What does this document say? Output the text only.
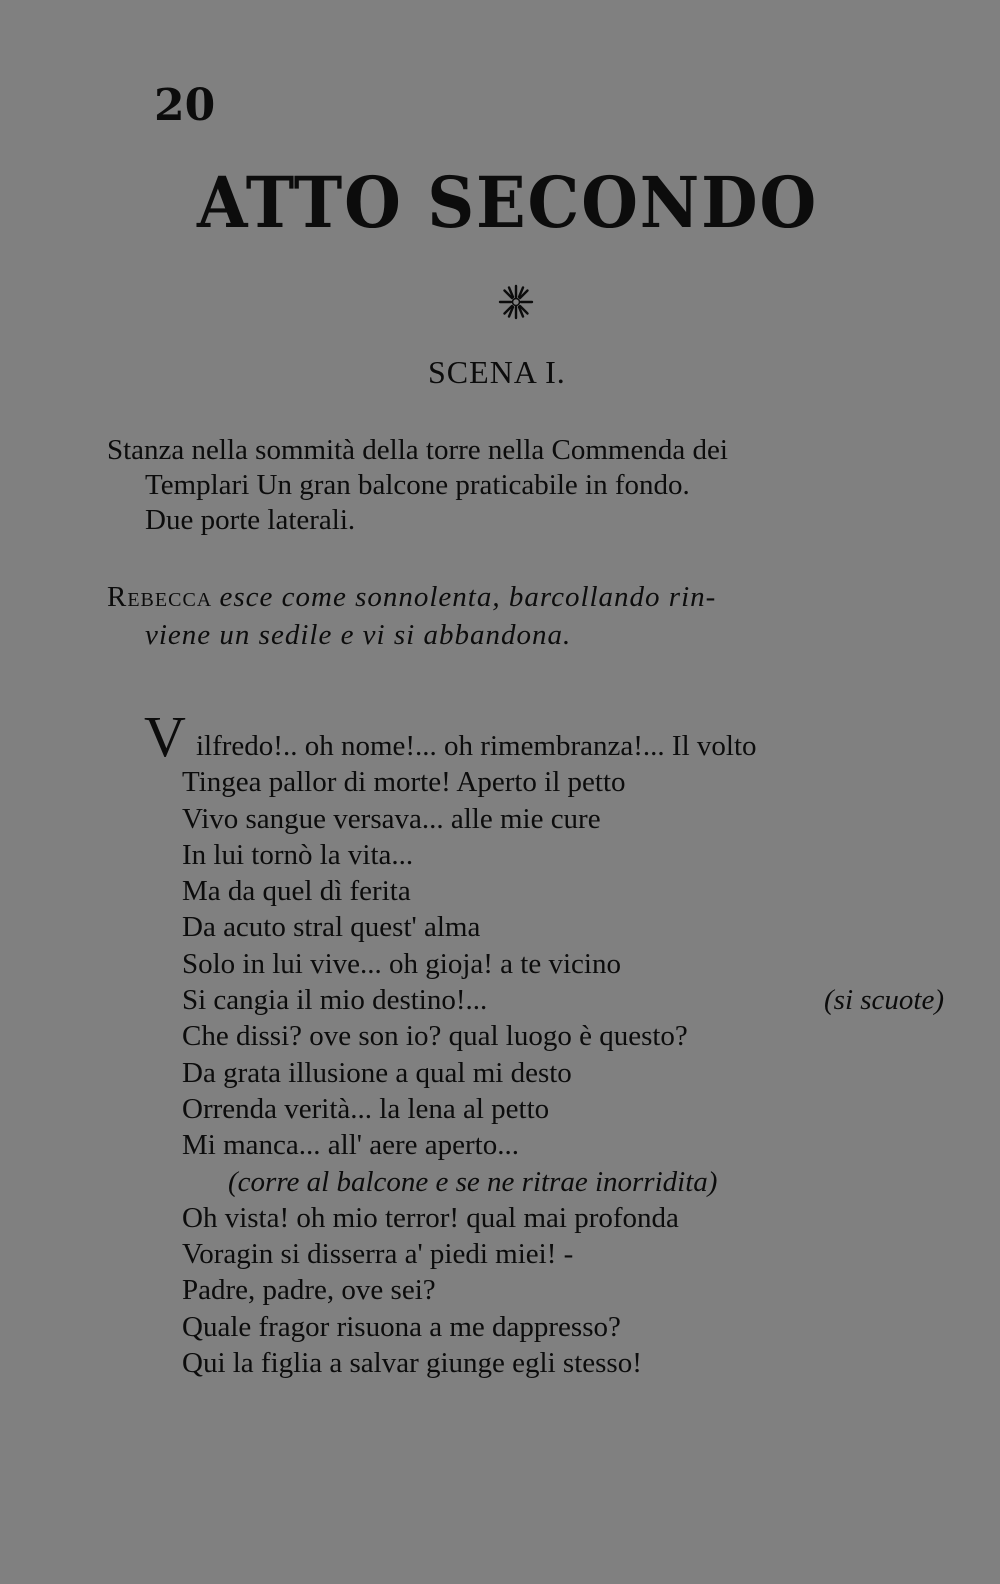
20
ATTO SECONDO
SCENA I.
Stanza nella sommità della torre nella Commenda dei
Templari Un gran balcone praticabile in fondo.
Due porte laterali.
Rebecca esce come sonnolenta, barcollando rin-
viene un sedile e vi si abbandona.
V ilfredo!.. oh nome!... oh rimembranza!... Il volto
Tingea pallor di morte! Aperto il petto
Vivo sangue versava... alle mie cure
In lui tornò la vita...
Ma da quel dì ferita
Da acuto stral quest' alma
Solo in lui vive... oh gioja! a te vicino
Si cangia il mio destino!...	(si scuote)
Che dissi? ove son io? qual luogo è questo?
Da grata illusione a qual mi desto
Orrenda verità... la lena al petto
Mi manca... all' aere aperto...
(corre al balcone e se ne ritrae inorridita)
Oh vista! oh mio terror! qual mai profonda
Voragin si disserra a' piedi miei! -
Padre, padre, ove sei?
Quale fragor risuona a me dappresso?
Qui la figlia a salvar giunge egli stesso!
